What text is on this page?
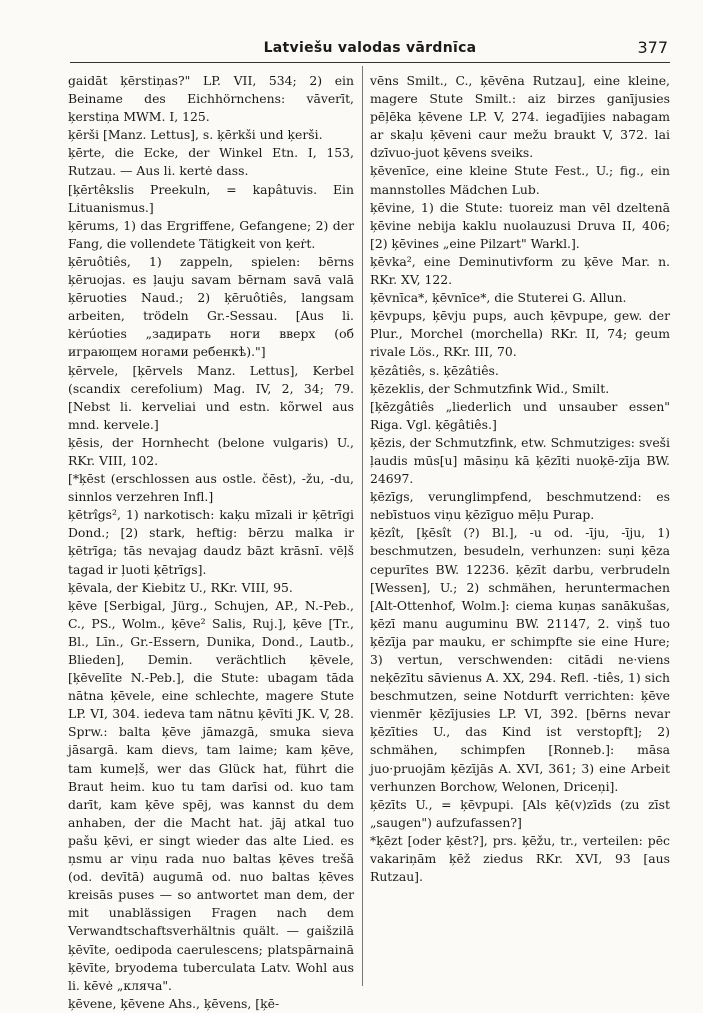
Latviešu valodas vārdnīca	377
gaidāt ķērstiņas?" LP. VII, 534; 2) ein Beiname des Eichhörnchens: vāverīt, ķerstiņa MWM. I, 125.
ķērši [Manz. Lettus], s. ķērkši und ķerši.
ķērte, die Ecke, der Winkel Etn. I, 153, Rutzau. — Aus li. kertė dass.
[ķērtêkslis Preekuln, = kapâtuvis. Ein Lituanismus.]
ķērums, 1) das Ergriffene, Gefangene; 2) der Fang, die vollendete Tätigkeit von ķeṙt.
ķēruôtiês, 1) zappeln, spielen: bērns ķēruojas. es ļauju savam bērnam savā valā ķēruoties Naud.; 2) ķēruôtiês, langsam arbeiten, trödeln Gr.-Sessau. [Aus li. kėrúoties „задирать ноги вверх (об играющем ногами ребенкѣ)."]
ķērvele, [ķērvels Manz. Lettus], Kerbel (scandix cerefolium) Mag. IV, 2, 34; 79. [Nebst li. kerveliai und estn. kõrwel aus mnd. kervele.]
ķēsis, der Hornhecht (belone vulgaris) U., RKr. VIII, 102.
[*ķēst (erschlossen aus ostle. čēst), -žu, -du, sinnlos verzehren Infl.]
ķētrîgs², 1) narkotisch: kaķu mīzali ir ķētrīgi Dond.; [2) stark, heftig: bērzu malka ir ķētrīga; tās nevajag daudz bāzt krāsnī. vēļš tagad ir ļuoti ķētrīgs].
ķēvala, der Kiebitz U., RKr. VIII, 95.
ķēve [Serbigal, Jürg., Schujen, AP., N.-Peb., C., PS., Wolm., ķēve² Salis, Ruj.], ķēve [Tr., Bl., Līn., Gr.-Essern, Dunika, Dond., Lautb., Blieden], Demin. verächtlich ķēvele, [ķēvelīte N.-Peb.], die Stute: ubagam tāda nātna ķēvele, eine schlechte, magere Stute LP. VI, 304. iedeva tam nātnu ķēvīti JK. V, 28. Sprw.: balta ķēve jāmazgā, smuka sieva jāsargā. kam dievs, tam laime; kam ķēve, tam kumeļš, wer das Glück hat, führt die Braut heim. kuo tu tam darīsi od. kuo tam darīt, kam ķēve spēj, was kannst du dem anhaben, der die Macht hat. jāj atkal tuo pašu ķēvi, er singt wieder das alte Lied. es ņsmu ar viņu rada nuo baltas ķēves trešā (od. devītā) augumā od. nuo baltas ķēves kreisās puses — so antwortet man dem, der mit unablässigen Fragen nach dem Verwandtschaftsverhältnis quält. — gaišzilā ķēvīte, oedipoda caerulescens; platspārnainā ķēvīte, bryodema tuberculata Latv. Wohl aus li. kēvė „кляча".
ķēvene, ķēvene Ahs., ķēvens, [ķē-
vēns Smilt., C., ķēvēna Rutzau], eine kleine, magere Stute Smilt.: aiz birzes ganījusies pēļēka ķēvene LP. V, 274. iegadījies nabagam ar skaļu ķēveni caur mežu braukt V, 372. lai dzīvuo-juot ķēvens sveiks.
ķēvenīce, eine kleine Stute Fest., U.; fig., ein mannstolles Mädchen Lub.
ķēvine, 1) die Stute: tuoreiz man vēl dzeltenā ķēvine nebija kaklu nuolauzusi Druva II, 406; [2) ķēvines „eine Pilzart" Warkl.].
ķēvka², eine Deminutivform zu ķēve Mar. n. RKr. XV, 122.
ķēvnīca*, ķēvnīce*, die Stuterei G. Allun.
ķēvpups, ķēvju pups, auch ķēvpupe, gew. der Plur., Morchel (morchella) RKr. II, 74; geum rivale Lös., RKr. III, 70.
ķēzâtiês, s. ķēzâtiês.
ķēzeklis, der Schmutzfink Wid., Smilt.
[ķēzgâtiês „liederlich und unsauber essen" Riga. Vgl. ķēgâtiês.]
ķēzis, der Schmutzfink, etw. Schmutziges: sveši ļaudis mūs[u] māsiņu kā ķēzīti nuoķē-zīja BW. 24697.
ķēzīgs, verunglimpfend, beschmutzend: es nebīstuos viņu ķēzīguo mēļu Purap.
ķēzît, [ķēsît (?) Bl.], -u od. -īju, -īju, 1) beschmutzen, besudeln, verhunzen: suņi ķēza cepurītes BW. 12236. ķēzīt darbu, verbrudeln [Wessen], U.; 2) schmähen, heruntermachen [Alt-Ottenhof, Wolm.]: ciema kuņas sanākušas, ķēzī manu auguminu BW. 21147, 2. viņš tuo ķēzīja par mauku, er schimpfte sie eine Hure; 3) vertun, verschwenden: citādi ne·viens neķēzītu sāvienus A. XX, 294. Refl. -tiês, 1) sich beschmutzen, seine Notdurft verrichten: ķēve vienmēr ķēzījusies LP. VI, 392. [bērns nevar ķēzīties U., das Kind ist verstopft]; 2) schmähen, schimpfen [Ronneb.]: māsa juo·pruojām ķēzījās A. XVI, 361; 3) eine Arbeit verhunzen Borchow, Welonen, Driceņi].
ķēzīts U., = ķēvpupi. [Als ķē(v)zīds (zu zīst „saugen") aufzufassen?]
*ķēzt [oder ķēst?], prs. ķēžu, tr., verteilen: pēc vakariņām ķēž ziedus RKr. XVI, 93 [aus Rutzau].
